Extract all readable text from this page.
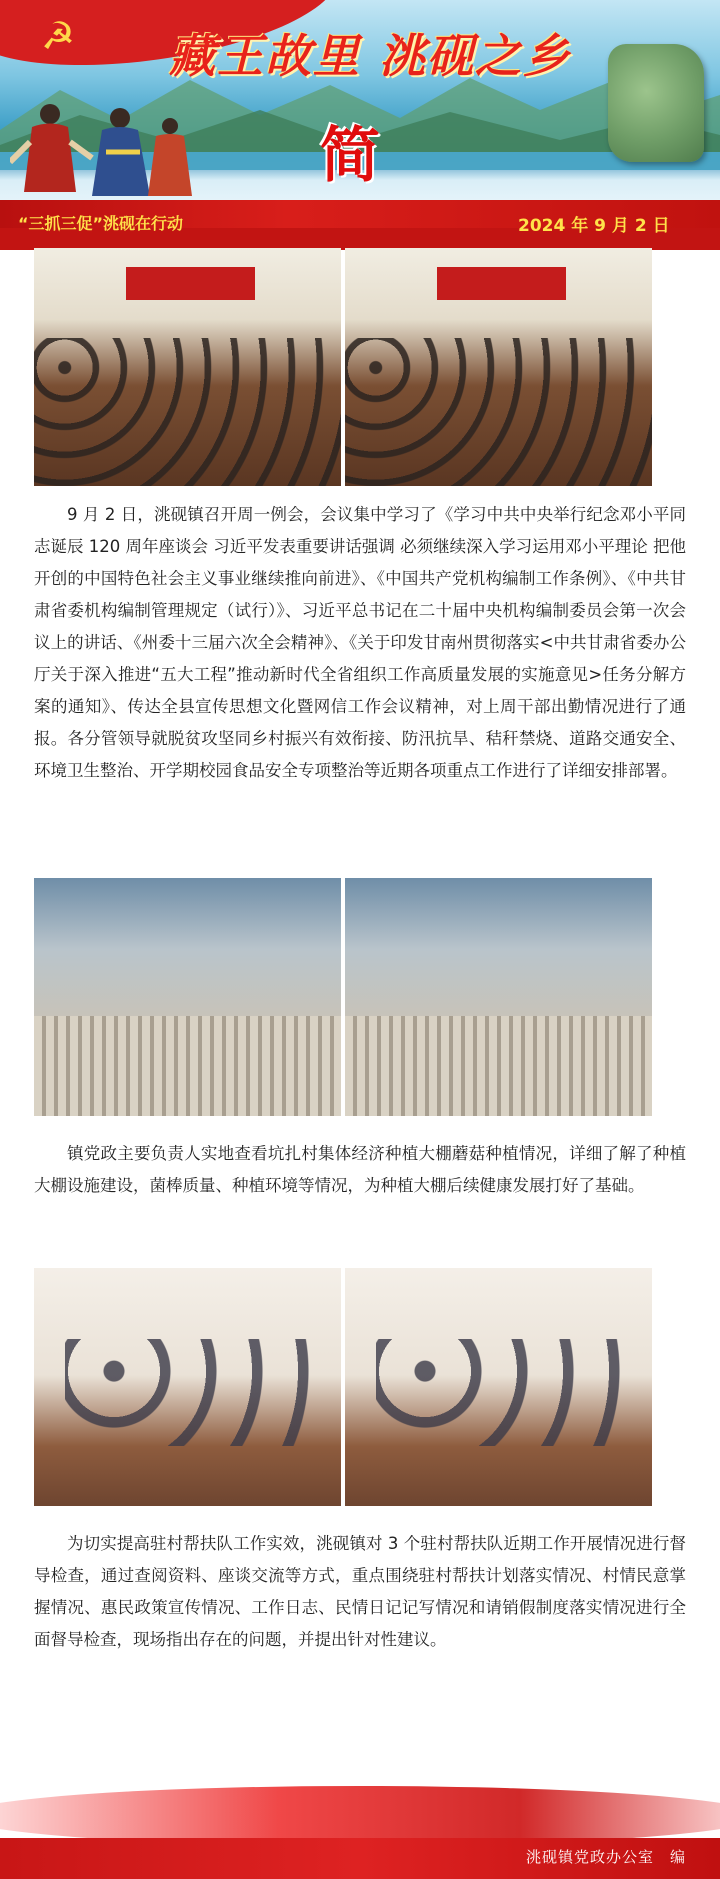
☭	藏王故里 洮砚之乡
简
“三抓三促”洮砚在行动	2024 年 9 月 2 日
9 月 2 日，洮砚镇召开周一例会，会议集中学习了《学习中共中央举行纪念邓小平同志诞辰 120 周年座谈会 习近平发表重要讲话强调 必须继续深入学习运用邓小平理论 把他开创的中国特色社会主义事业继续推向前进》、《中国共产党机构编制工作条例》、《中共甘肃省委机构编制管理规定（试行）》、习近平总书记在二十届中央机构编制委员会第一次会议上的讲话、《州委十三届六次全会精神》、《关于印发甘南州贯彻落实<中共甘肃省委办公厅关于深入推进“五大工程”推动新时代全省组织工作高质量发展的实施意见>任务分解方案的通知》、传达全县宣传思想文化暨网信工作会议精神，对上周干部出勤情况进行了通报。各分管领导就脱贫攻坚同乡村振兴有效衔接、防汛抗旱、秸秆禁烧、道路交通安全、环境卫生整治、开学期校园食品安全专项整治等近期各项重点工作进行了详细安排部署。
镇党政主要负责人实地查看坑扎村集体经济种植大棚蘑菇种植情况，详细了解了种植大棚设施建设，菌棒质量、种植环境等情况，为种植大棚后续健康发展打好了基础。
为切实提高驻村帮扶队工作实效，洮砚镇对 3 个驻村帮扶队近期工作开展情况进行督导检查，通过查阅资料、座谈交流等方式，重点围绕驻村帮扶计划落实情况、村情民意掌握情况、惠民政策宣传情况、工作日志、民情日记记写情况和请销假制度落实情况进行全面督导检查，现场指出存在的问题，并提出针对性建议。
洮砚镇党政办公室　编
